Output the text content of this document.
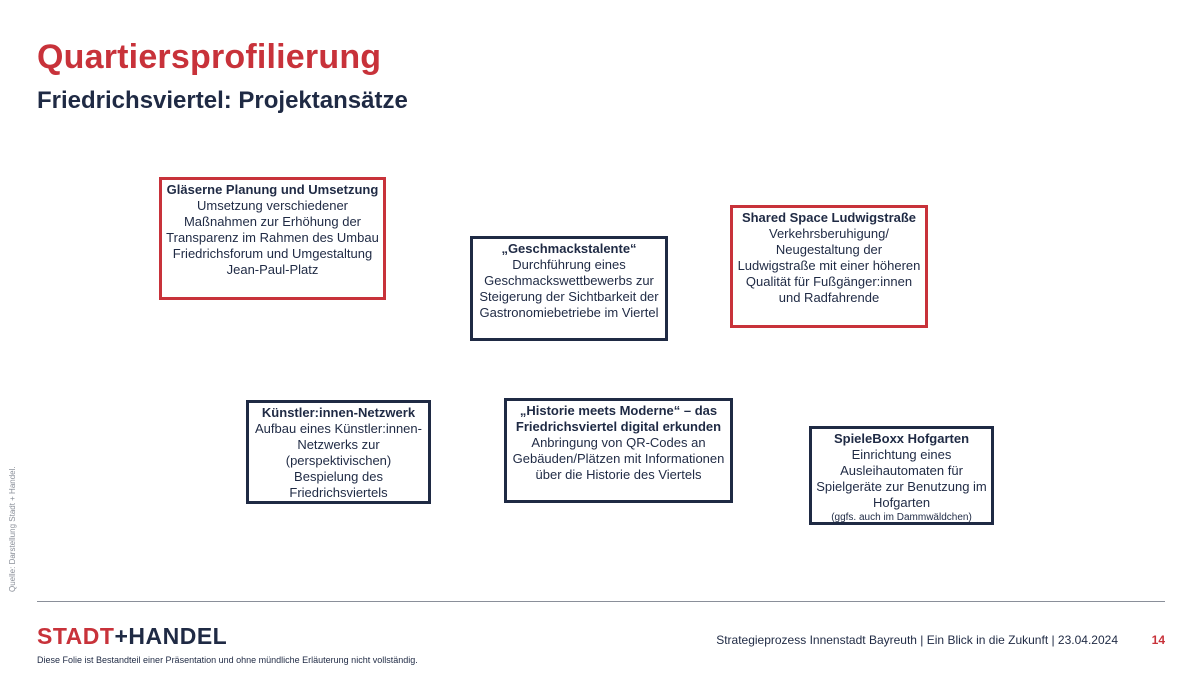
Quartiersprofilierung
Friedrichsviertel: Projektansätze
Gläserne Planung und Umsetzung
Umsetzung verschiedener Maßnahmen zur Erhöhung der Transparenz im Rahmen des Umbau Friedrichsforum und Umgestaltung Jean-Paul-Platz
„Geschmackstalente“
Durchführung eines Geschmackswettbewerbs zur Steigerung der Sichtbarkeit der Gastronomiebetriebe im Viertel
Shared Space Ludwigstraße
Verkehrsberuhigung/ Neugestaltung der Ludwigstraße mit einer höheren Qualität für Fußgänger:innen und Radfahrende
Künstler:innen-Netzwerk
Aufbau eines Künstler:innen-Netzwerks zur (perspektivischen) Bespielung des Friedrichsviertels
„Historie meets Moderne“ – das Friedrichsviertel digital erkunden
Anbringung von QR-Codes an Gebäuden/Plätzen mit Informationen über die Historie des Viertels
SpieleBoxx Hofgarten
Einrichtung eines Ausleihautomaten für Spielgeräte zur Benutzung im Hofgarten
(ggfs. auch im Dammwäldchen)
Quelle: Darstellung Stadt + Handel.
STADT+HANDEL
Diese Folie ist Bestandteil einer Präsentation und ohne mündliche Erläuterung nicht vollständig.
Strategieprozess Innenstadt Bayreuth | Ein Blick in die Zukunft | 23.04.2024	14
